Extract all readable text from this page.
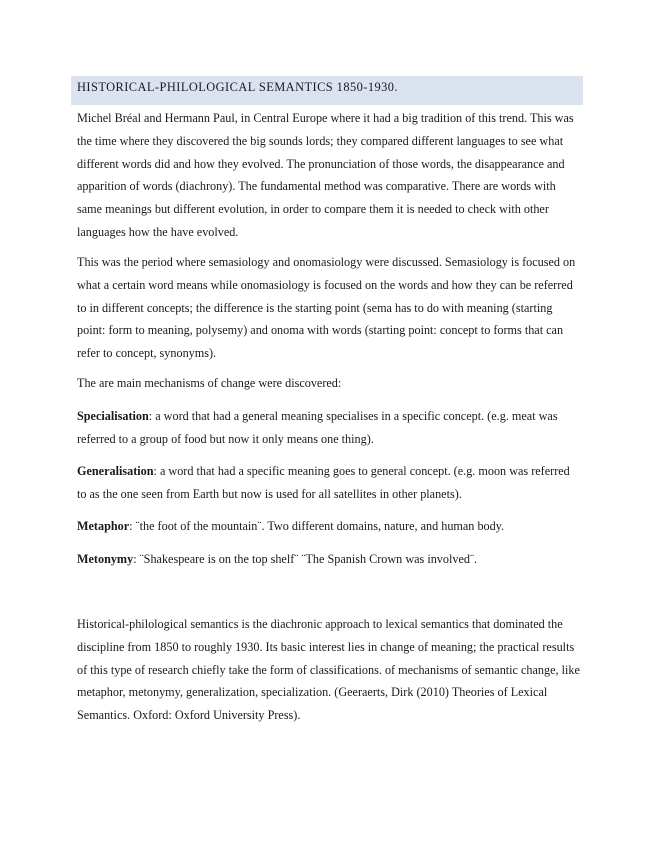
HISTORICAL-PHILOLOGICAL SEMANTICS 1850-1930.

Michel Bréal and Hermann Paul, in Central Europe where it had a big tradition of this trend. This was the time where they discovered the big sounds lords; they compared different languages to see what different words did and how they evolved. The pronunciation of those words, the disappearance and apparition of words (diachrony). The fundamental method was comparative. There are words with same meanings but different evolution, in order to compare them it is needed to check with other languages how the have evolved.

This was the period where semasiology and onomasiology were discussed. Semasiology is focused on what a certain word means while onomasiology is focused on the words and how they can be referred to in different concepts; the difference is the starting point (sema has to do with meaning (starting point: form to meaning, polysemy) and onoma with words (starting point: concept to forms that can refer to concept, synonyms).

The are main mechanisms of change were discovered:

Specialisation: a word that had a general meaning specialises in a specific concept. (e.g. meat was referred to a group of food but now it only means one thing).

Generalisation: a word that had a specific meaning goes to general concept. (e.g. moon was referred to as the one seen from Earth but now is used for all satellites in other planets).

Metaphor: ¨the foot of the mountain¨. Two different domains, nature, and human body.

Metonymy: ¨Shakespeare is on the top shelf¨ ¨The Spanish Crown was involved¨.

Historical-philological semantics is the diachronic approach to lexical semantics that dominated the discipline from 1850 to roughly 1930. Its basic interest lies in change of meaning; the practical results of this type of research chiefly take the form of classifications. of mechanisms of semantic change, like metaphor, metonymy, generalization, specialization. (Geeraerts, Dirk (2010) Theories of Lexical Semantics. Oxford: Oxford University Press).
